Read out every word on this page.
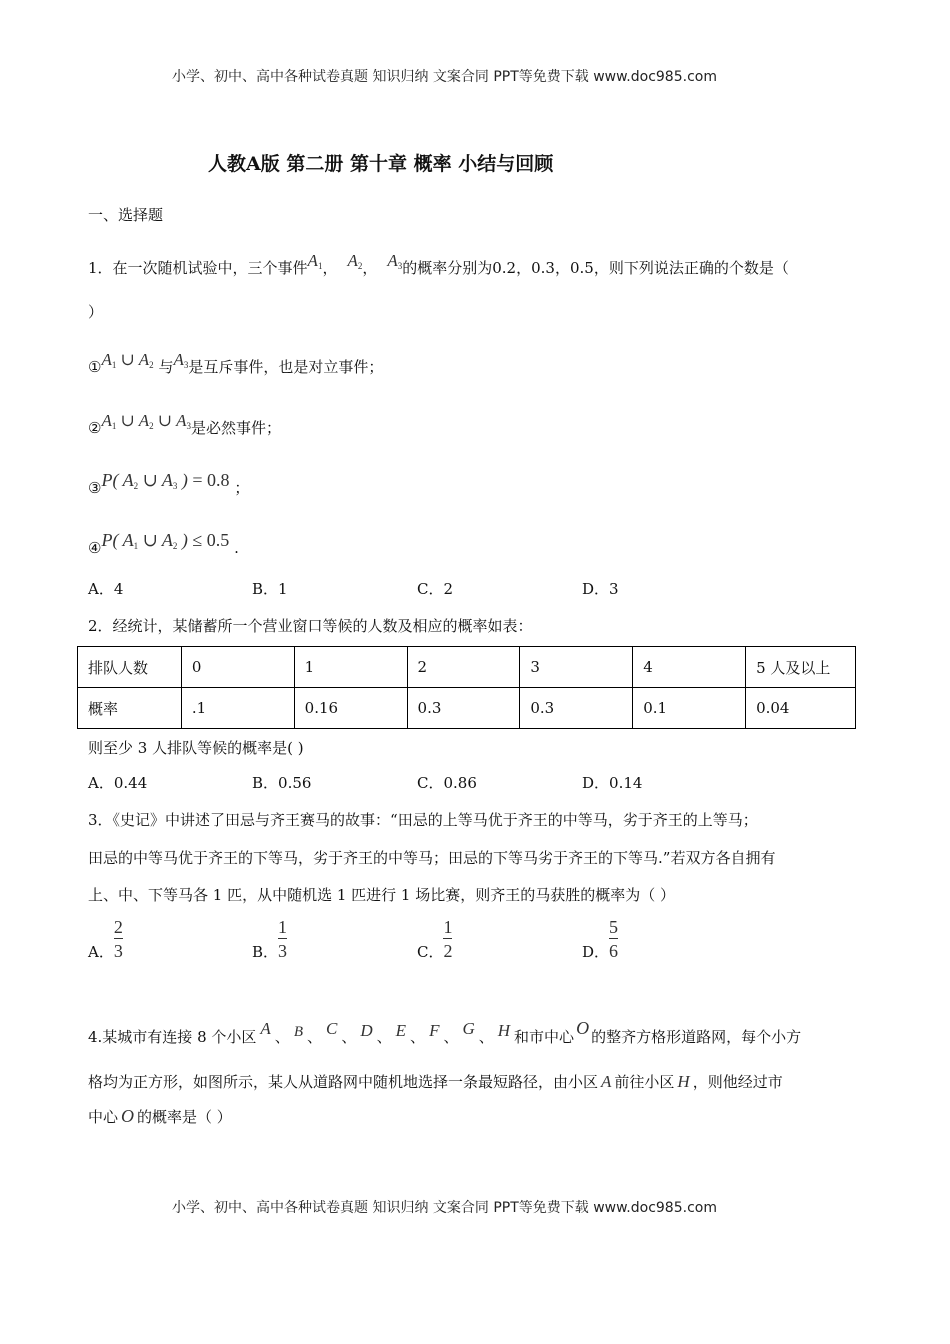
小学、初中、高中各种试卷真题 知识归纳 文案合同 PPT等免费下载 www.doc985.com
人教A版 第二册 第十章 概率 小结与回顾
一、选择题
1．在一次随机试验中，三个事件$A_1$， $A_2$， $A_3$的概率分别为0.2，0.3，0.5，则下列说法正确的个数是（
）
$①A_1$ ∪ $A_2$ 与$A_3$是互斥事件，也是对立事件；
$②A_1$ ∪ $A_2$ ∪ $A_3$是必然事件；
③P( $A_2$ ∪ $A_3$ ) = 0.8 ；
④P( $A_1$ ∪ $A_2$ ) ≤ 0.5 .
A．4	B．1	C．2	D．3
2．经统计，某储蓄所一个营业窗口等候的人数及相应的概率如表：
排队人数	0	1	2	3	4	5 人及以上
概率	.1	0.16	0.3	0.3	0.1	0.04
则至少 3 人排队等候的概率是( )
A．0.44	B．0.56	C．0.86	D．0.14
3．《史记》中讲述了田忌与齐王赛马的故事：“田忌的上等马优于齐王的中等马，劣于齐王的上等马；
田忌的中等马优于齐王的下等马，劣于齐王的中等马；田忌的下等马劣于齐王的下等马.”若双方各自拥有
上、中、下等马各 1 匹，从中随机选 1 匹进行 1 场比赛，则齐王的马获胜的概率为（ ）
A． $\frac{2}{3}$	B． $\frac{1}{3}$	C． $\frac{1}{2}$	D． $\frac{5}{6}$
4.某城市有连接 8 个小区 A 、 B 、 C 、 D 、 E 、 F 、 G 、 H 和市中心 O 的整齐方格形道路网，每个小方
格均为正方形，如图所示，某人从道路网中随机地选择一条最短路径，由小区 A 前往小区 H ，则他经过市
中心 O 的概率是（ ）
小学、初中、高中各种试卷真题 知识归纳 文案合同 PPT等免费下载 www.doc985.com
